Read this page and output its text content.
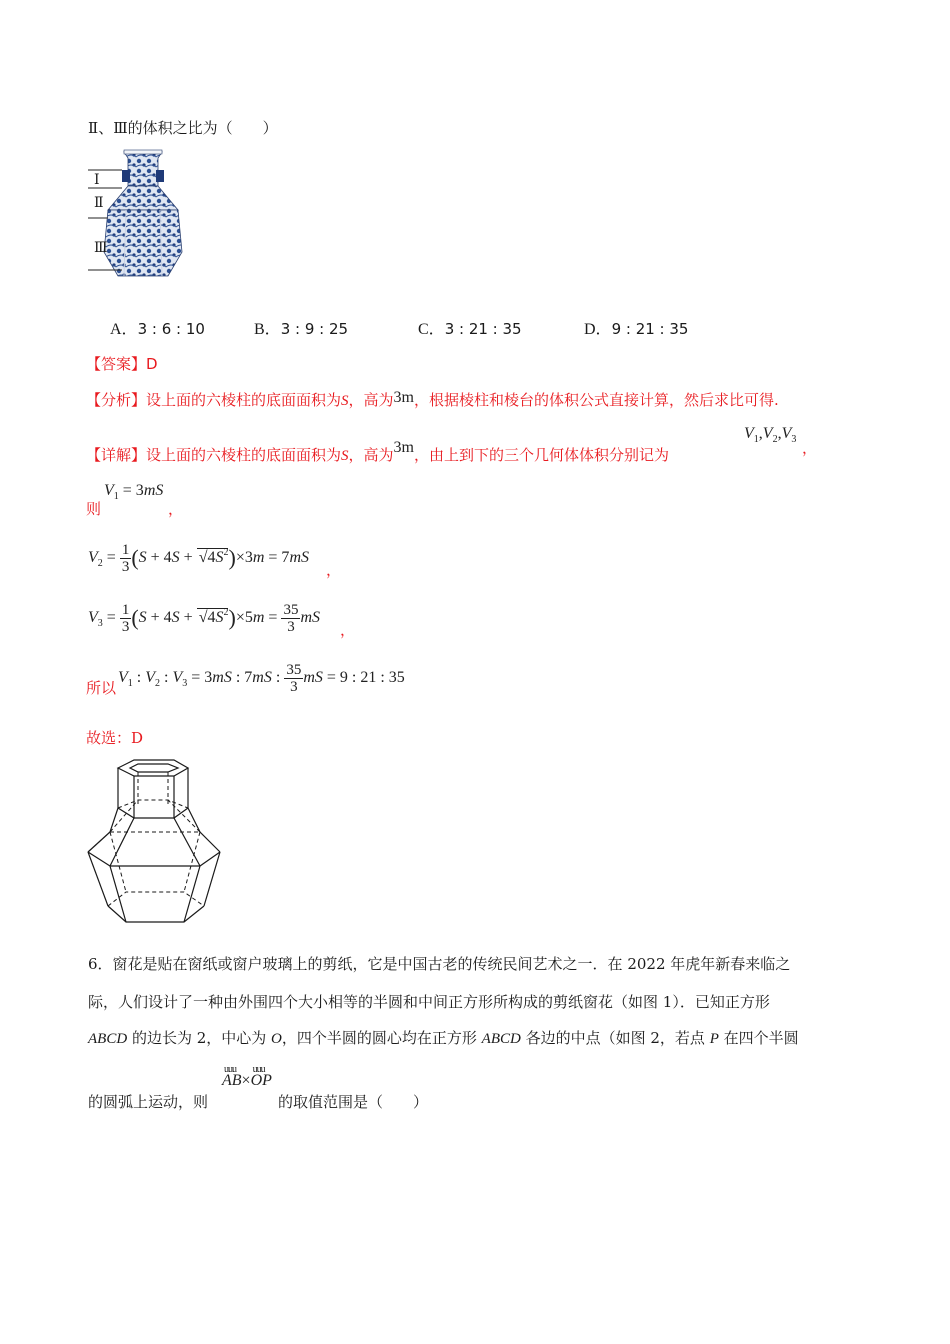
Ⅱ、Ⅲ的体积之比为（　　）
Ⅰ
Ⅱ
Ⅲ
A．3 : 6 : 10	B．3 : 9 : 25	C．3 : 21 : 35	D．9 : 21 : 35
【答案】D
【分析】设上面的六棱柱的底面面积为S，高为3m，根据棱柱和棱台的体积公式直接计算，然后求比可得.
【详解】设上面的六棱柱的底面面积为S，高为3m，由上到下的三个几何体体积分别记为
$V_1,V_2,V_3$ ，
则
$V_1 = 3mS$
，
$V_2 = \frac{1}{3} (S + 4S + √4S^2)\times 3m = 7mS$
，
$V_3 = \frac{1}{3} (S + 4S + √4S^2)\times 5m = \frac{35}{3}$ mS
，
所以
$V_1$ : $V_2$ : $V_3 = 3mS$ : 7mS : $\frac{35}{3}$ mS = 9 : 21 : 35
故选：D
6．窗花是贴在窗纸或窗户玻璃上的剪纸，它是中国古老的传统民间艺术之一．在 2022 年虎年新春来临之
际，人们设计了一种由外围四个大小相等的半圆和中间正方形所构成的剪纸窗花（如图 1）．已知正方形
ABCD 的边长为 2，中心为 O，四个半圆的圆心均在正方形 ABCD 各边的中点（如图 2，若点 P 在四个半圆
的圆弧上运动，则
uuu
AB×
uuu
OP
的取值范围是（　　）
